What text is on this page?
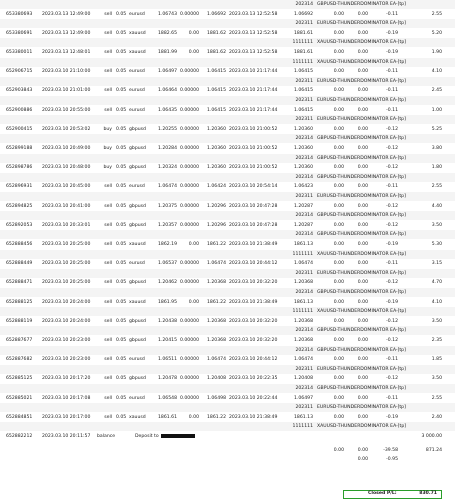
202314 GBPUSD-THUNDERDOMINATOR EA-[tp]
653380693	2023.03.13 12:49:00	sell 0.05 eurusd	1.06743 0.00000	1.06692 2023.03.13 12:52:58	1.06692	0.00	0.00	-0.11	2.55
202311 EURUSD-THUNDERDOMINATOR EA-[tp]
653380691	2023.03.13 12:49:00	sell 0.05 xauusd	1882.65	0.00	1881.62 2023.03.13 12:52:58	1881.61	0.00	0.00	-0.19	5.20
1111111 XAUUSD-THUNDERDOMINATOR EA-[tp]
653380011	2023.03.13 12:48:01	sell 0.05 xauusd	1881.99	0.00	1881.62 2023.03.13 12:52:58	1881.61	0.00	0.00	-0.19	1.90
1111111 XAUUSD-THUNDERDOMINATOR EA-[tp]
652906715	2023.03.10 21:10:00	sell 0.05 eurusd	1.06497 0.00000	1.06415 2023.03.10 21:17:44	1.06415	0.00	0.00	-0.11	4.10
202311 EURUSD-THUNDERDOMINATOR EA-[tp]
652903843	2023.03.10 21:01:00	sell 0.05 eurusd	1.06464 0.00000	1.06415 2023.03.10 21:17:44	1.06415	0.00	0.00	-0.11	2.45
202311 EURUSD-THUNDERDOMINATOR EA-[tp]
652900886	2023.03.10 20:55:00	sell 0.05 eurusd	1.06435 0.00000	1.06415 2023.03.10 21:17:44	1.06415	0.00	0.00	-0.11	1.00
202311 EURUSD-THUNDERDOMINATOR EA-[tp]
652900415	2023.03.10 20:53:02	buy 0.05 gbpusd	1.20255 0.00000	1.20360 2023.03.10 21:00:52	1.20360	0.00	0.00	-0.12	5.25
202314 GBPUSD-THUNDERDOMINATOR EA-[tp]
652899188	2023.03.10 20:49:00	buy 0.05 gbpusd	1.20284 0.00000	1.20360 2023.03.10 21:00:52	1.20360	0.00	0.00	-0.12	3.80
202314 GBPUSD-THUNDERDOMINATOR EA-[tp]
652898786	2023.03.10 20:48:00	buy 0.05 gbpusd	1.20324 0.00000	1.20360 2023.03.10 21:00:52	1.20360	0.00	0.00	-0.12	1.80
202314 GBPUSD-THUNDERDOMINATOR EA-[tp]
652896931	2023.03.10 20:45:00	sell 0.05 eurusd	1.06474 0.00000	1.06424 2023.03.10 20:54:14	1.06423	0.00	0.00	-0.11	2.55
202311 EURUSD-THUNDERDOMINATOR EA-[tp]
652894825	2023.03.10 20:41:00	sell 0.05 gbpusd	1.20375 0.00000	1.20296 2023.03.10 20:47:28	1.20287	0.00	0.00	-0.12	4.40
202314 GBPUSD-THUNDERDOMINATOR EA-[tp]
652892053	2023.03.10 20:33:01	sell 0.05 gbpusd	1.20357 0.00000	1.20296 2023.03.10 20:47:28	1.20287	0.00	0.00	-0.12	3.50
202314 GBPUSD-THUNDERDOMINATOR EA-[tp]
652888456	2023.03.10 20:25:00	sell 0.05 xauusd	1862.19	0.00	1861.22 2023.03.10 21:38:49	1861.13	0.00	0.00	-0.19	5.30
1111111 XAUUSD-THUNDERDOMINATOR EA-[tp]
652888449	2023.03.10 20:25:00	sell 0.05 eurusd	1.06537 0.00000	1.06474 2023.03.10 20:44:12	1.06474	0.00	0.00	-0.11	3.15
202311 EURUSD-THUNDERDOMINATOR EA-[tp]
652888471	2023.03.10 20:25:00	sell 0.05 gbpusd	1.20462 0.00000	1.20368 2023.03.10 20:32:20	1.20368	0.00	0.00	-0.12	4.70
202314 GBPUSD-THUNDERDOMINATOR EA-[tp]
652888125	2023.03.10 20:24:00	sell 0.05 xauusd	1861.95	0.00	1861.22 2023.03.10 21:38:49	1861.13	0.00	0.00	-0.19	4.10
1111111 XAUUSD-THUNDERDOMINATOR EA-[tp]
652888119	2023.03.10 20:24:00	sell 0.05 gbpusd	1.20438 0.00000	1.20368 2023.03.10 20:32:20	1.20368	0.00	0.00	-0.12	3.50
202314 GBPUSD-THUNDERDOMINATOR EA-[tp]
652887677	2023.03.10 20:23:00	sell 0.05 gbpusd	1.20415 0.00000	1.20368 2023.03.10 20:32:20	1.20368	0.00	0.00	-0.12	2.35
202314 GBPUSD-THUNDERDOMINATOR EA-[tp]
652887682	2023.03.10 20:23:00	sell 0.05 eurusd	1.06511 0.00000	1.06474 2023.03.10 20:44:12	1.06474	0.00	0.00	-0.11	1.85
202311 EURUSD-THUNDERDOMINATOR EA-[tp]
652885125	2023.03.10 20:17:20	sell 0.05 gbpusd	1.20478 0.00000	1.20408 2023.03.10 20:22:35	1.20408	0.00	0.00	-0.12	3.50
202314 GBPUSD-THUNDERDOMINATOR EA-[tp]
652885021	2023.03.10 20:17:08	sell 0.05 eurusd	1.06548 0.00000	1.06498 2023.03.10 20:22:44	1.06497	0.00	0.00	-0.11	2.55
202311 EURUSD-THUNDERDOMINATOR EA-[tp]
652884851	2023.03.10 20:17:00	sell 0.05 xauusd	1861.61	0.00	1861.22 2023.03.10 21:38:49	1861.13	0.00	0.00	-0.19	2.40
1111111 XAUUSD-THUNDERDOMINATOR EA-[tp]
652882212	2023.03.10 20:11:57	balance	Deposit to	3 000.00
0.00	0.00	-39.58	871.24
0.00	-0.95
Closed P/L:	830.71
